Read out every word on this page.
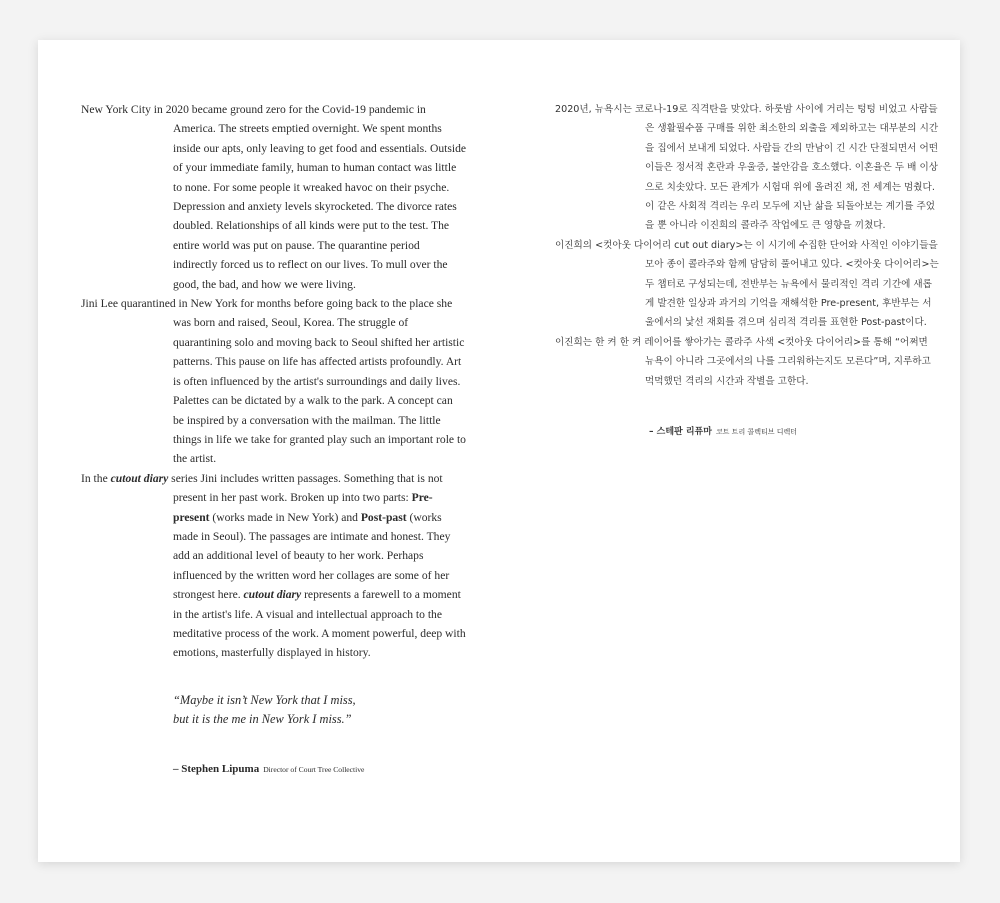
New York City in 2020 became ground zero for the Covid-19 pandemic in America. The streets emptied overnight. We spent months inside our apts, only leaving to get food and essentials. Outside of your immediate family, human to human contact was little to none. For some people it wreaked havoc on their psyche. Depression and anxiety levels skyrocketed. The divorce rates doubled. Relationships of all kinds were put to the test. The entire world was put on pause. The quarantine period indirectly forced us to reflect on our lives. To mull over the good, the bad, and how we were living.

Jini Lee quarantined in New York for months before going back to the place she was born and raised, Seoul, Korea. The struggle of quarantining solo and moving back to Seoul shifted her artistic patterns. This pause on life has affected artists profoundly. Art is often influenced by the artist's surroundings and daily lives. Palettes can be dictated by a walk to the park. A concept can be inspired by a conversation with the mailman. The little things in life we take for granted play such an important role to the artist.

In the cutout diary series Jini includes written passages. Something that is not present in her past work. Broken up into two parts: Pre-present (works made in New York) and Post-past (works made in Seoul). The passages are intimate and honest. They add an additional level of beauty to her work. Perhaps influenced by the written word her collages are some of her strongest here. cutout diary represents a farewell to a moment in the artist's life. A visual and intellectual approach to the meditative process of the work. A moment powerful, deep with emotions, masterfully displayed in history.

“Maybe it isn’t New York that I miss,
but it is the me in New York I miss.”
– Stephen Lipuma Director of Court Tree Collective

2020년, 뉴욕시는 코로나-19로 직격탄을 맞았다. 하룻밤 사이에 거리는 텅텅 비었고 사람들은 생활필수품 구매를 위한 최소한의 외출을 제외하고는 대부분의 시간을 집에서 보내게 되었다. 사람들 간의 만남이 긴 시간 단절되면서 어떤 이들은 정서적 혼란과 우울증, 불안감을 호소했다. 이혼율은 두 배 이상으로 치솟았다. 모든 관계가 시험대 위에 올려진 채, 전 세계는 멈췄다. 이 같은 사회적 격리는 우리 모두에 지난 삶을 되돌아보는 계기를 주었을 뿐 아니라 이진희의 콜라주 작업에도 큰 영향을 끼쳤다.

이진희의 <컷아웃 다이어리 cut out diary>는 이 시기에 수집한 단어와 사적인 이야기들을 모아 종이 콜라주와 함께 담담히 풀어내고 있다. <컷아웃 다이어리>는 두 챕터로 구성되는데, 전반부는 뉴욕에서 물리적인 격리 기간에 새롭게 발견한 일상과 과거의 기억을 재해석한 Pre-present, 후반부는 서울에서의 낯선 재회를 겪으며 심리적 격리를 표현한 Post-past이다.

이진희는 한 켜 한 켜 레이어를 쌓아가는 콜라주 사색 <컷아웃 다이어리>를 통해 “어쩌면 뉴욕이 아니라 그곳에서의 나를 그리워하는지도 모른다”며, 지루하고 먹먹했던 격리의 시간과 작별을 고한다.

– 스테판 리퓨마 코트 트리 콜렉티브 디렉터
